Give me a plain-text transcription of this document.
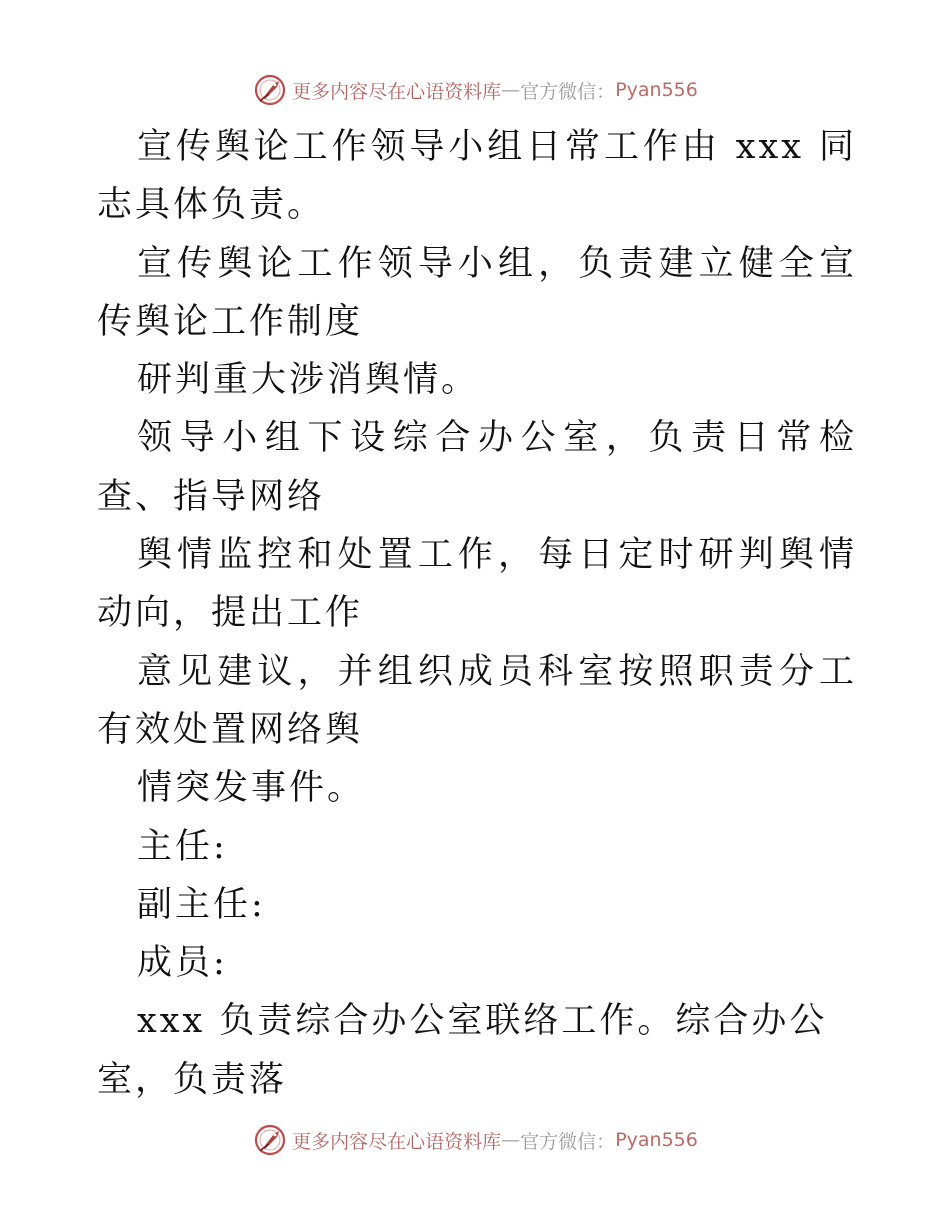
更多内容尽在心语资料库 — 官方微信： Pyan556

宣传舆论工作领导小组日常工作由 xxx 同志具体负责。

宣传舆论工作领导小组，负责建立健全宣传舆论工作制度

研判重大涉消舆情。

领导小组下设综合办公室，负责日常检查、指导网络

舆情监控和处置工作，每日定时研判舆情动向，提出工作

意见建议，并组织成员科室按照职责分工有效处置网络舆

情突发事件。

主任:

副主任:

成员:

xxx 负责综合办公室联络工作。综合办公室，负责落

更多内容尽在心语资料库 — 官方微信： Pyan556
